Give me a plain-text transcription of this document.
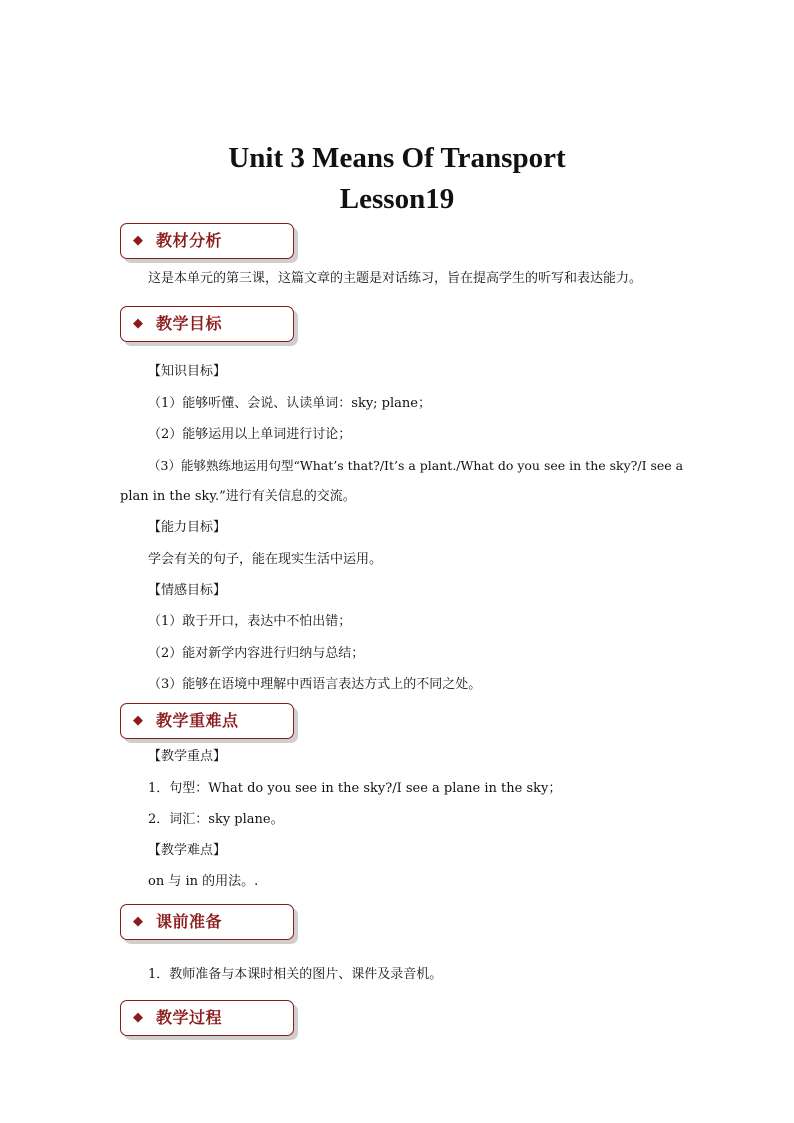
Unit 3 Means Of Transport
Lesson19
◆ 教材分析
这是本单元的第三课，这篇文章的主题是对话练习，旨在提高学生的听写和表达能力。
◆ 教学目标
【知识目标】
（1）能够听懂、会说、认读单词：sky; plane；
（2）能够运用以上单词进行讨论；
（3）能够熟练地运用句型“What’s that?/It’s a plant./What do you see in the sky?/I see a
plan in the sky.”进行有关信息的交流。
【能力目标】
学会有关的句子，能在现实生活中运用。
【情感目标】
（1）敢于开口，表达中不怕出错；
（2）能对新学内容进行归纳与总结；
（3）能够在语境中理解中西语言表达方式上的不同之处。
◆ 教学重难点
【教学重点】
1．句型：What do you see in the sky?/I see a plane in the sky；
2．词汇：sky plane。
【教学难点】
on 与 in 的用法。.
◆ 课前准备
1．教师准备与本课时相关的图片、课件及录音机。
◆ 教学过程
